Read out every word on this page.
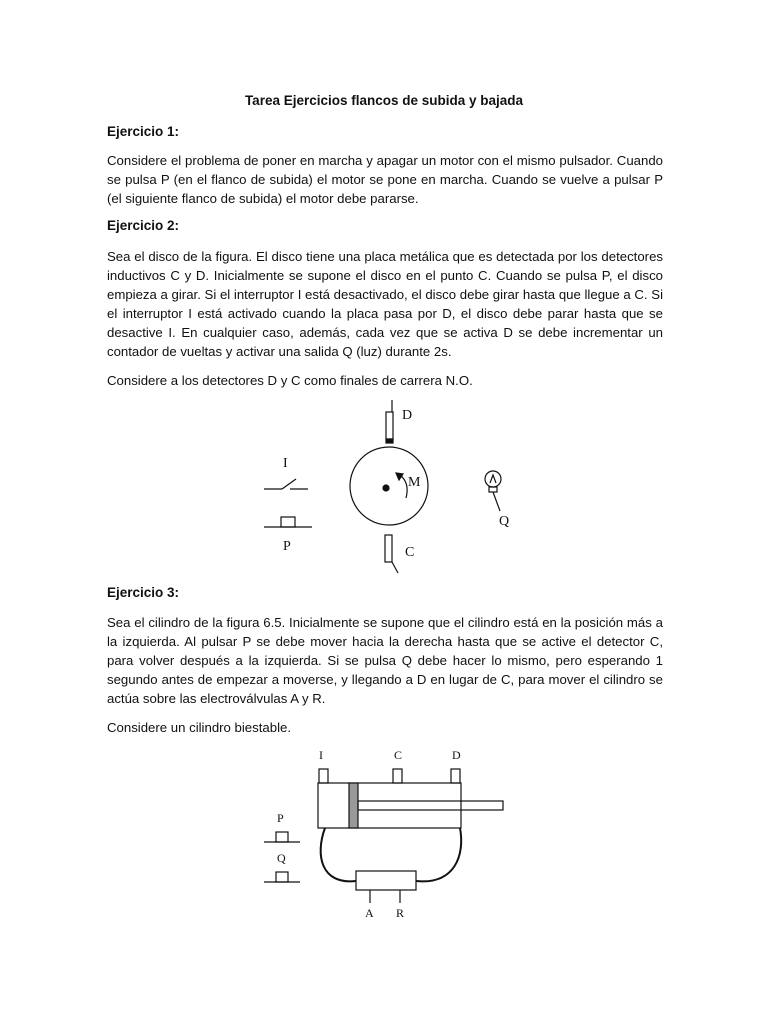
Tarea Ejercicios flancos de subida y bajada
Ejercicio 1:
Considere el problema de poner en marcha y apagar un motor con el mismo pulsador. Cuando se pulsa P (en el flanco de subida) el motor se pone en marcha. Cuando se vuelve a pulsar P (el siguiente flanco de subida) el motor debe pararse.
Ejercicio 2:
Sea el disco de la figura. El disco tiene una placa metálica que es detectada por los detectores inductivos C y D. Inicialmente se supone el disco en el punto C. Cuando se pulsa P, el disco empieza a girar. Si el interruptor I está desactivado, el disco debe girar hasta que llegue a C. Si el interruptor I está activado cuando la placa pasa por D, el disco debe parar hasta que se desactive I. En cualquier caso, además, cada vez que se activa D se debe incrementar un contador de vueltas y activar una salida Q (luz) durante 2s.
Considere a los detectores D y C como finales de carrera N.O.
D
I
M
Q
P	C
Ejercicio 3:
Sea el cilindro de la figura 6.5. Inicialmente se supone que el cilindro está en la posición más a la izquierda. Al pulsar P se debe mover hacia la derecha hasta que se active el detector C, para volver después a la izquierda. Si se pulsa Q debe hacer lo mismo, pero esperando 1 segundo antes de empezar a moverse, y llegando a D en lugar de C, para mover el cilindro se actúa sobre las electroválvulas A y R.
Considere un cilindro biestable.
I	C	D
P
Q
A R
